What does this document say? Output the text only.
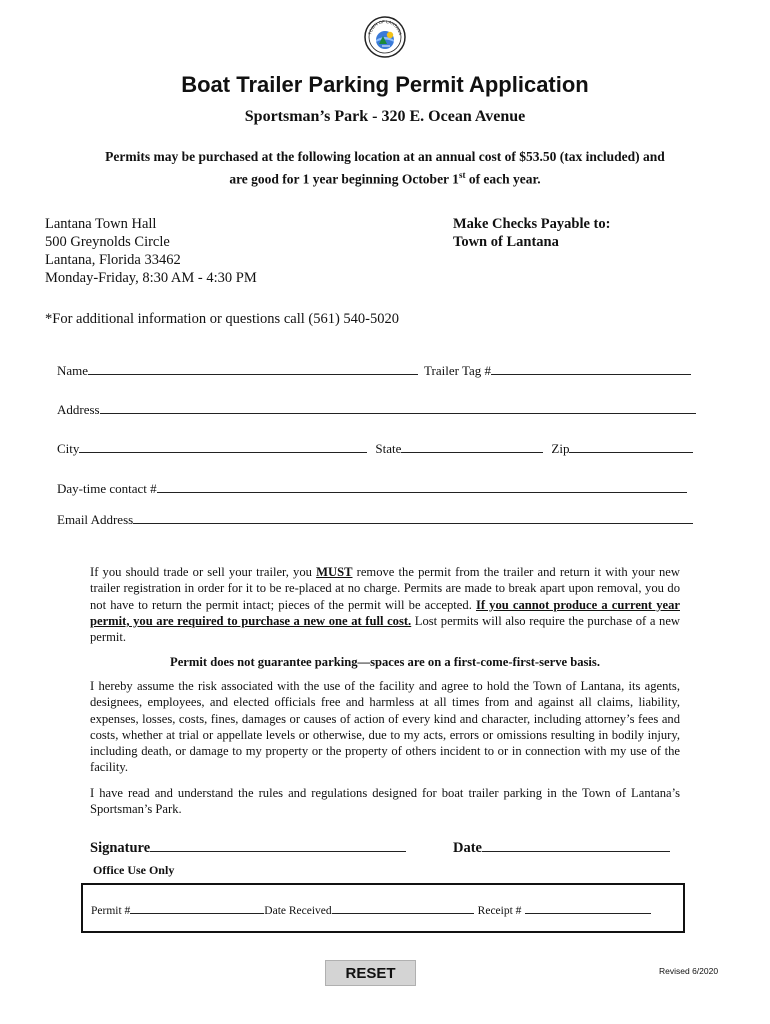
TOWN OF LANTANA
Boat Trailer Parking Permit Application
Sportsman’s Park - 320 E. Ocean Avenue
Permits may be purchased at the following location at an annual cost of $53.50 (tax included) and
are good for 1 year beginning October 1st of each year.
Lantana Town Hall
500 Greynolds Circle
Lantana, Florida 33462
Monday-Friday, 8:30 AM - 4:30 PM
Make Checks Payable to:
Town of Lantana
*For additional information or questions call (561) 540-5020
Name	Trailer Tag #
Address
City	State	Zip
Day-time contact #
Email Address
If you should trade or sell your trailer, you MUST remove the permit from the trailer and return it with your new trailer registration in order for it to be re-placed at no charge. Permits are made to break apart upon removal, you do not have to return the permit intact; pieces of the permit will be accepted. If you cannot produce a current year permit, you are required to purchase a new one at full cost. Lost permits will also require the purchase of a new permit.
Permit does not guarantee parking—spaces are on a first-come-first-serve basis.
I hereby assume the risk associated with the use of the facility and agree to hold the Town of Lantana, its agents, designees, employees, and elected officials free and harmless at all times from and against all claims, liability, expenses, losses, costs, fines, damages or causes of action of every kind and character, including attorney’s fees and costs, whether at trial or appellate levels or otherwise, due to my acts, errors or omissions resulting in bodily injury, including death, or damage to my property or the property of others incident to or in connection with my use of the facility.
I have read and understand the rules and regulations designed for boat trailer parking in the Town of Lantana’s Sportsman’s Park.
Signature	Date
Office Use Only
Permit #	Date Received	Receipt #
RESET	Revised 6/2020
